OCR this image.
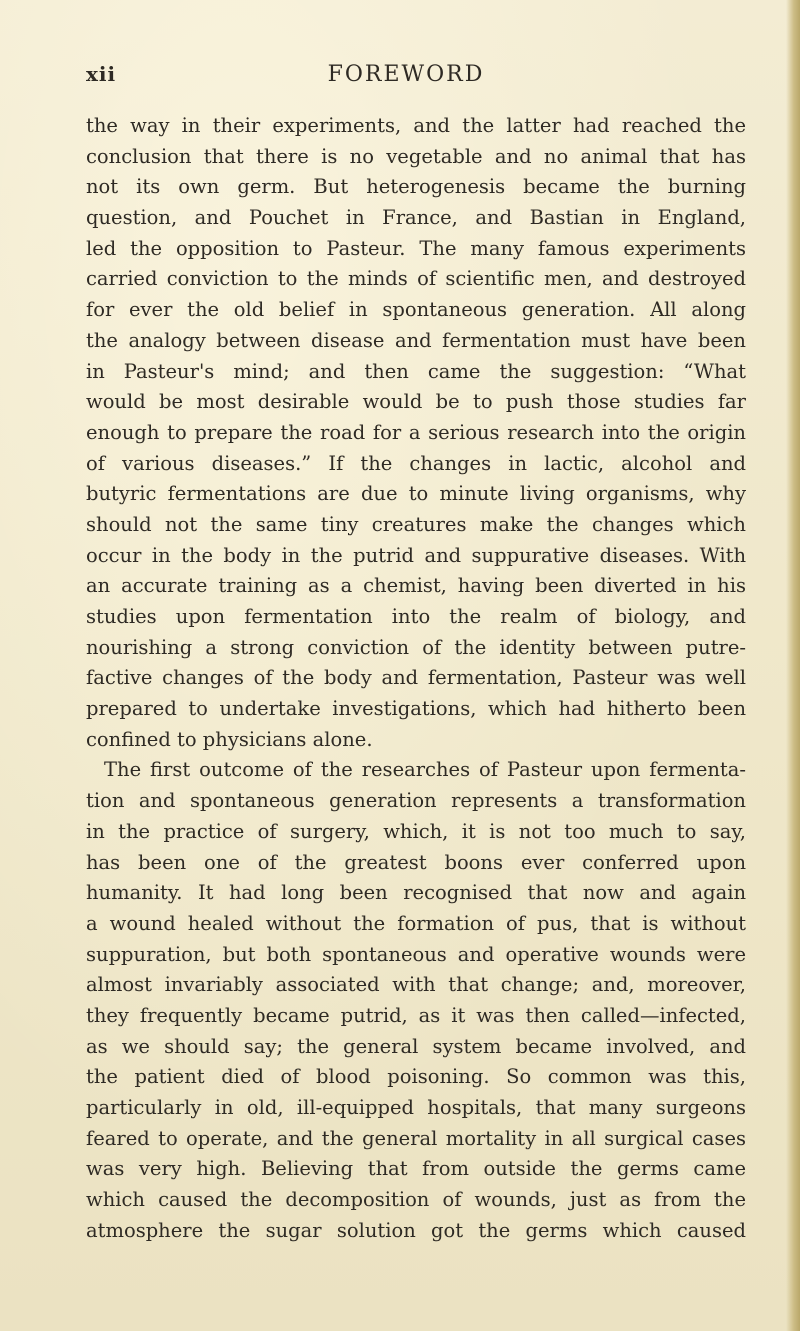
xii	FOREWORD
the way in their experiments, and the latter had reached the
conclusion that there is no vegetable and no animal that has
not its own germ. But heterogenesis became the burning
question, and Pouchet in France, and Bastian in England,
led the opposition to Pasteur. The many famous experiments
carried conviction to the minds of scientific men, and destroyed
for ever the old belief in spontaneous generation. All along
the analogy between disease and fermentation must have been
in Pasteur's mind; and then came the suggestion: “What
would be most desirable would be to push those studies far
enough to prepare the road for a serious research into the origin
of various diseases.” If the changes in lactic, alcohol and
butyric fermentations are due to minute living organisms, why
should not the same tiny creatures make the changes which
occur in the body in the putrid and suppurative diseases. With
an accurate training as a chemist, having been diverted in his
studies upon fermentation into the realm of biology, and
nourishing a strong conviction of the identity between putre-
factive changes of the body and fermentation, Pasteur was well
prepared to undertake investigations, which had hitherto been
confined to physicians alone.
The first outcome of the researches of Pasteur upon fermenta-
tion and spontaneous generation represents a transformation
in the practice of surgery, which, it is not too much to say,
has been one of the greatest boons ever conferred upon
humanity. It had long been recognised that now and again
a wound healed without the formation of pus, that is without
suppuration, but both spontaneous and operative wounds were
almost invariably associated with that change; and, moreover,
they frequently became putrid, as it was then called—infected,
as we should say; the general system became involved, and
the patient died of blood poisoning. So common was this,
particularly in old, ill-equipped hospitals, that many surgeons
feared to operate, and the general mortality in all surgical cases
was very high. Believing that from outside the germs came
which caused the decomposition of wounds, just as from the
atmosphere the sugar solution got the germs which caused
